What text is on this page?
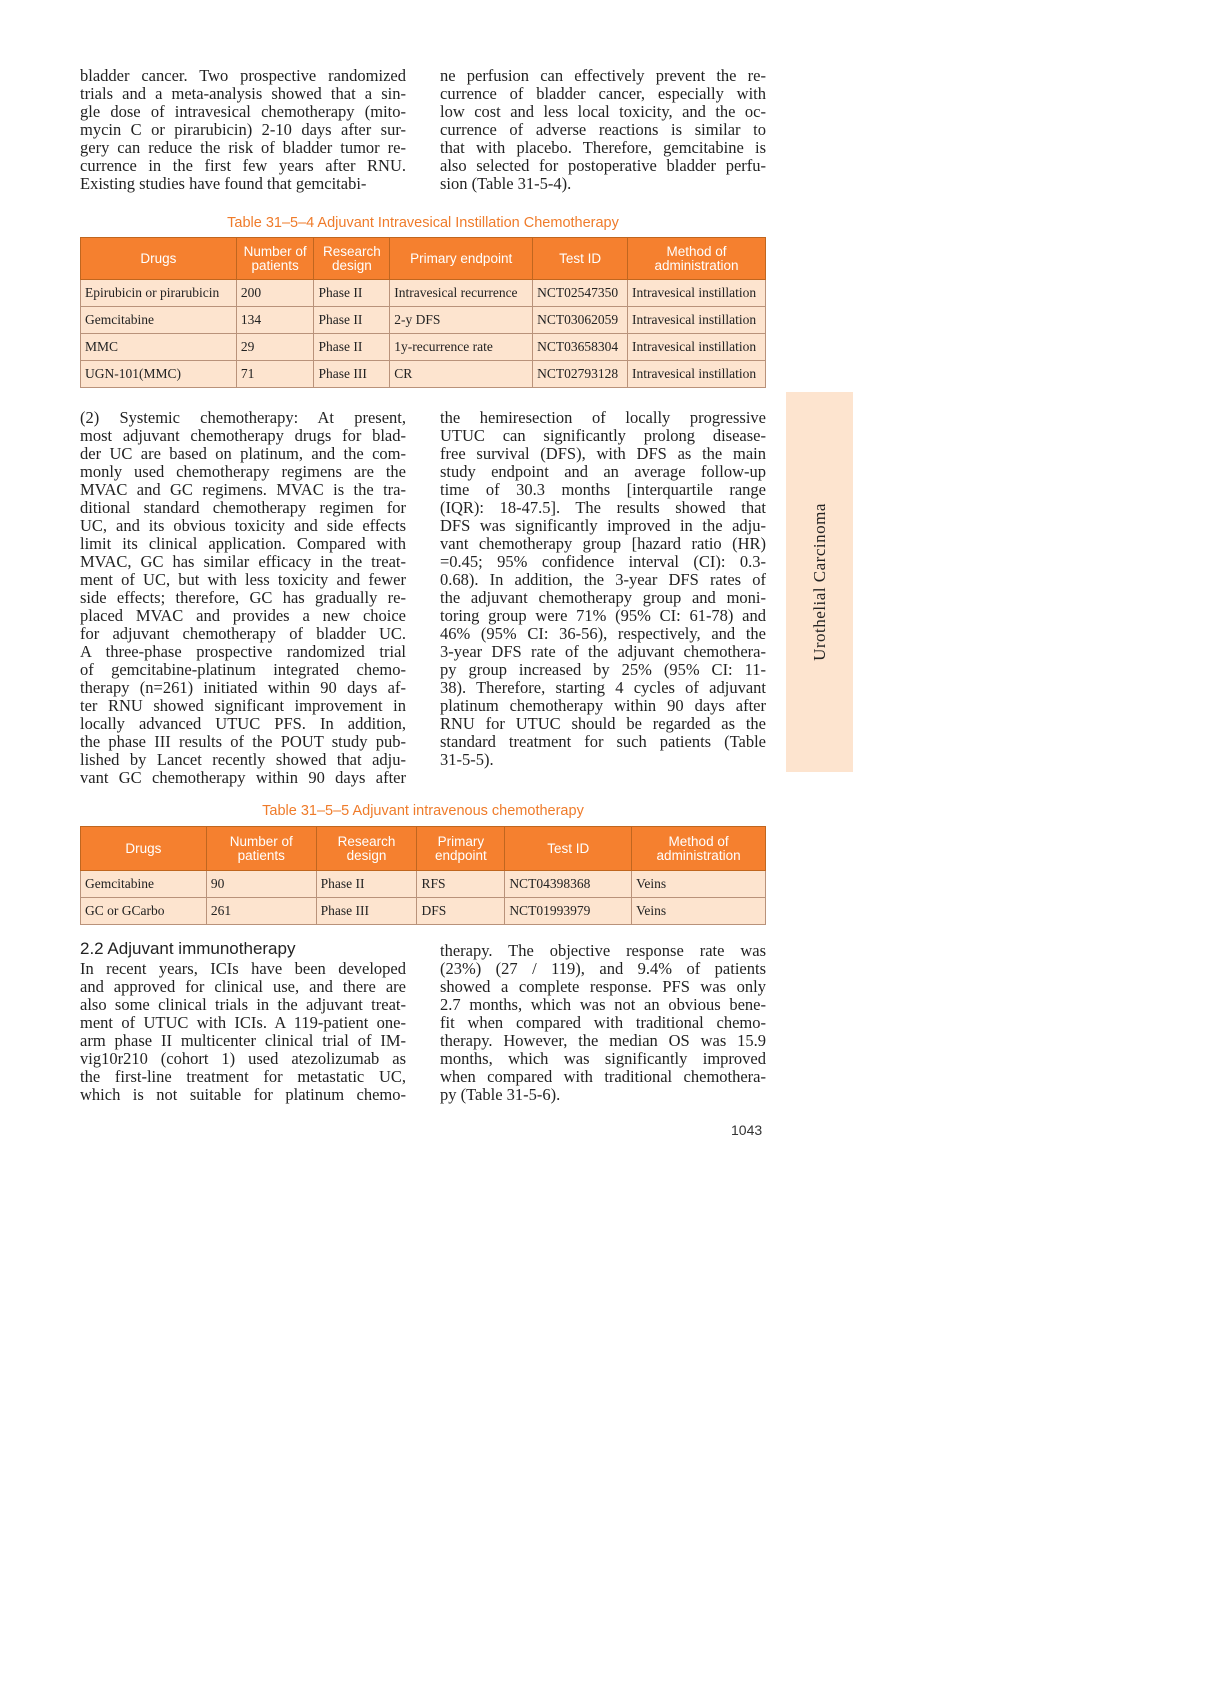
bladder cancer. Two prospective randomized
trials and a meta-analysis showed that a sin-
gle dose of intravesical chemotherapy (mito-
mycin C or pirarubicin) 2-10 days after sur-
gery can reduce the risk of bladder tumor re-
currence in the first few years after RNU.
Existing studies have found that gemcitabi-
ne perfusion can effectively prevent the re-
currence of bladder cancer, especially with
low cost and less local toxicity, and the oc-
currence of adverse reactions is similar to
that with placebo. Therefore, gemcitabine is
also selected for postoperative bladder perfu-
sion (Table 31-5-4).
Table 31–5–4 Adjuvant Intravesical Instillation Chemotherapy
Drugs	Number of patients	Research design	Primary endpoint	Test ID	Method of administration
Epirubicin or pirarubicin	200	Phase II	Intravesical recurrence	NCT02547350	Intravesical instillation
Gemcitabine	134	Phase II	2-y DFS	NCT03062059	Intravesical instillation
MMC	29	Phase II	1y-recurrence rate	NCT03658304	Intravesical instillation
UGN-101(MMC)	71	Phase III	CR	NCT02793128	Intravesical instillation
Urothelial Carcinoma
(2) Systemic chemotherapy: At present,
most adjuvant chemotherapy drugs for blad-
der UC are based on platinum, and the com-
monly used chemotherapy regimens are the
MVAC and GC regimens. MVAC is the tra-
ditional standard chemotherapy regimen for
UC, and its obvious toxicity and side effects
limit its clinical application. Compared with
MVAC, GC has similar efficacy in the treat-
ment of UC, but with less toxicity and fewer
side effects; therefore, GC has gradually re-
placed MVAC and provides a new choice
for adjuvant chemotherapy of bladder UC.
A three-phase prospective randomized trial
of gemcitabine-platinum integrated chemo-
therapy (n=261) initiated within 90 days af-
ter RNU showed significant improvement in
locally advanced UTUC PFS. In addition,
the phase III results of the POUT study pub-
lished by Lancet recently showed that adju-
vant GC chemotherapy within 90 days after
the hemiresection of locally progressive
UTUC can significantly prolong disease-
free survival (DFS), with DFS as the main
study endpoint and an average follow-up
time of 30.3 months [interquartile range
(IQR): 18-47.5]. The results showed that
DFS was significantly improved in the adju-
vant chemotherapy group [hazard ratio (HR)
=0.45; 95% confidence interval (CI): 0.3-
0.68). In addition, the 3-year DFS rates of
the adjuvant chemotherapy group and moni-
toring group were 71% (95% CI: 61-78) and
46% (95% CI: 36-56), respectively, and the
3-year DFS rate of the adjuvant chemothera-
py group increased by 25% (95% CI: 11-
38). Therefore, starting 4 cycles of adjuvant
platinum chemotherapy within 90 days after
RNU for UTUC should be regarded as the
standard treatment for such patients (Table
31-5-5).
Table 31–5–5 Adjuvant intravenous chemotherapy
Drugs	Number of patients	Research design	Primary endpoint	Test ID	Method of administration
Gemcitabine	90	Phase II	RFS	NCT04398368	Veins
GC or GCarbo	261	Phase III	DFS	NCT01993979	Veins
2.2 Adjuvant immunotherapy
In recent years, ICIs have been developed
and approved for clinical use, and there are
also some clinical trials in the adjuvant treat-
ment of UTUC with ICIs. A 119-patient one-
arm phase II multicenter clinical trial of IM-
vig10r210 (cohort 1) used atezolizumab as
the first-line treatment for metastatic UC,
which is not suitable for platinum chemo-
therapy. The objective response rate was
(23%) (27 / 119), and 9.4% of patients
showed a complete response. PFS was only
2.7 months, which was not an obvious bene-
fit when compared with traditional chemo-
therapy. However, the median OS was 15.9
months, which was significantly improved
when compared with traditional chemothera-
py (Table 31-5-6).
1043
